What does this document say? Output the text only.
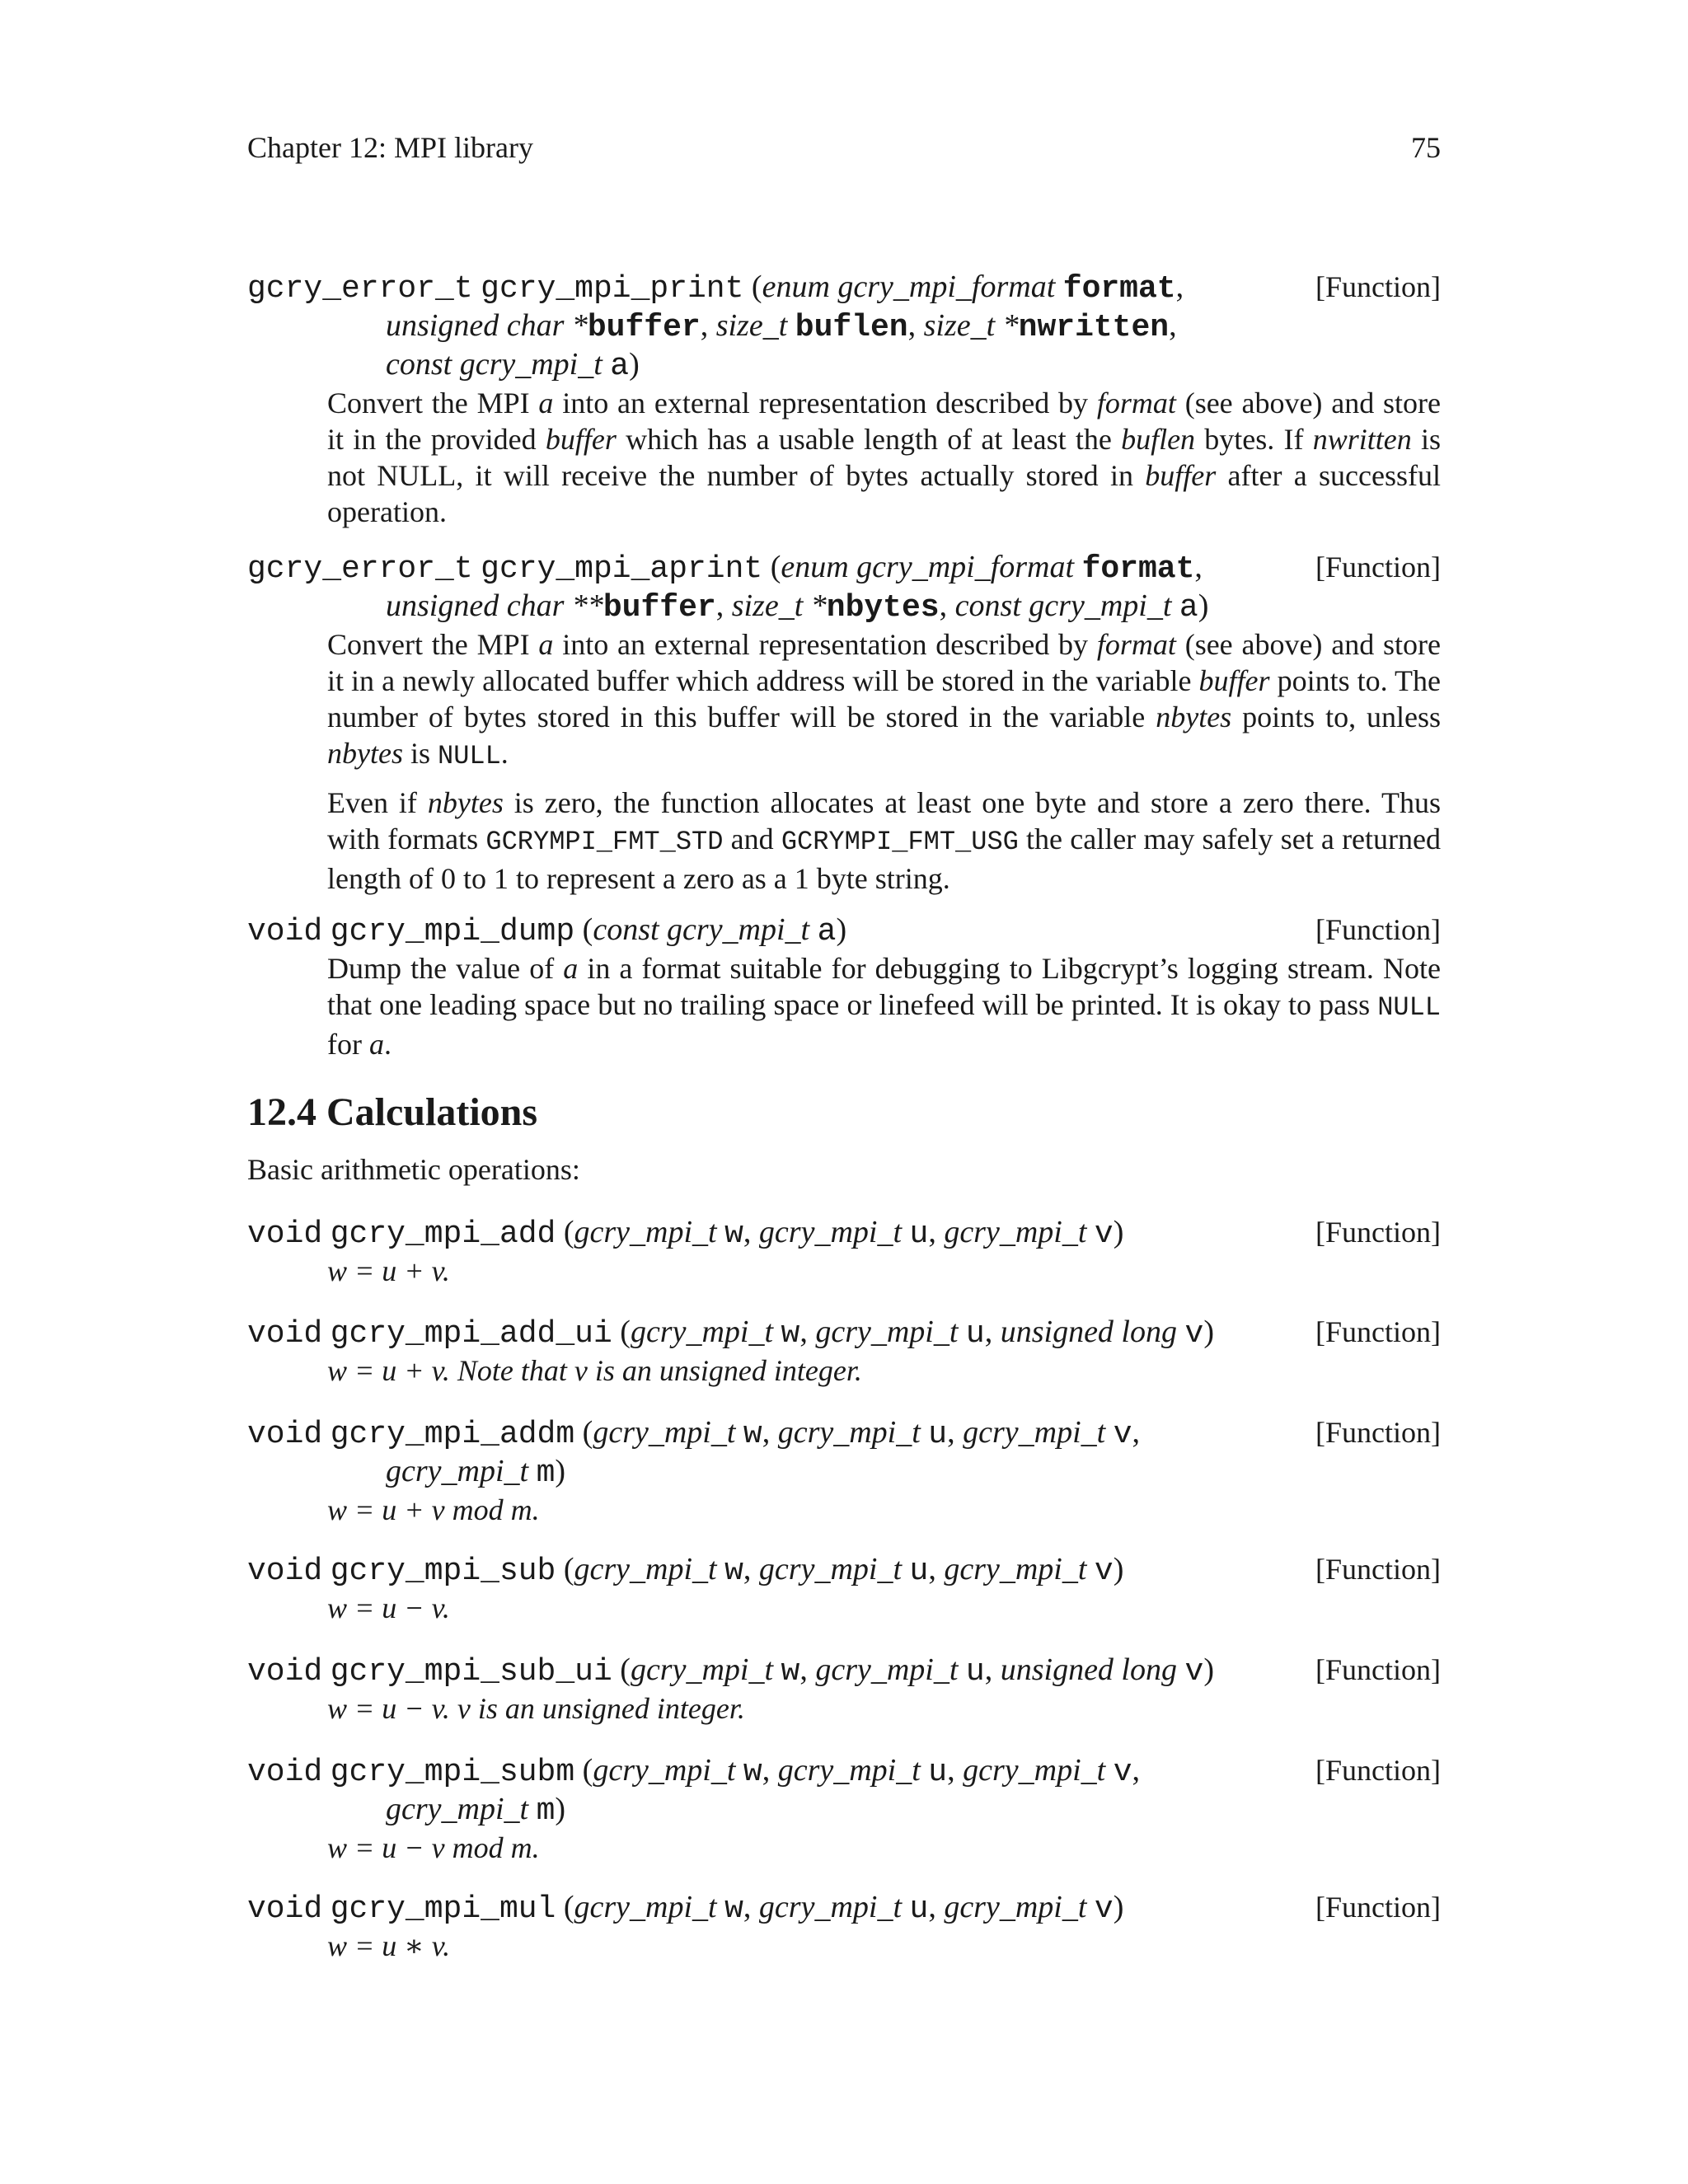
Chapter 12: MPI library	75
gcry_error_t gcry_mpi_print (enum gcry_mpi_format format,	[Function]
unsigned char *buffer, size_t buflen, size_t *nwritten,
const gcry_mpi_t a)

Convert the MPI a into an external representation described by format (see above) and store it in the provided buffer which has a usable length of at least the buflen bytes. If nwritten is not NULL, it will receive the number of bytes actually stored in buffer after a successful operation.

gcry_error_t gcry_mpi_aprint (enum gcry_mpi_format format,	[Function]
unsigned char **buffer, size_t *nbytes, const gcry_mpi_t a)

Convert the MPI a into an external representation described by format (see above) and store it in a newly allocated buffer which address will be stored in the variable buffer points to. The number of bytes stored in this buffer will be stored in the variable nbytes points to, unless nbytes is NULL.

Even if nbytes is zero, the function allocates at least one byte and store a zero there. Thus with formats GCRYMPI_FMT_STD and GCRYMPI_FMT_USG the caller may safely set a returned length of 0 to 1 to represent a zero as a 1 byte string.

void gcry_mpi_dump (const gcry_mpi_t a)	[Function]

Dump the value of a in a format suitable for debugging to Libgcrypt’s logging stream. Note that one leading space but no trailing space or linefeed will be printed. It is okay to pass NULL for a.

12.4 Calculations
Basic arithmetic operations:
void gcry_mpi_add (gcry_mpi_t w, gcry_mpi_t u, gcry_mpi_t v)	[Function]

w = u + v.

void gcry_mpi_add_ui (gcry_mpi_t w, gcry_mpi_t u, unsigned long v)	[Function]

w = u + v. Note that v is an unsigned integer.

void gcry_mpi_addm (gcry_mpi_t w, gcry_mpi_t u, gcry_mpi_t v,
gcry_mpi_t m)
[Function]

w = u + v mod m.

void gcry_mpi_sub (gcry_mpi_t w, gcry_mpi_t u, gcry_mpi_t v)	[Function]

w = u − v.

void gcry_mpi_sub_ui (gcry_mpi_t w, gcry_mpi_t u, unsigned long v)	[Function]

w = u − v. v is an unsigned integer.

void gcry_mpi_subm (gcry_mpi_t w, gcry_mpi_t u, gcry_mpi_t v,
gcry_mpi_t m)
[Function]

w = u − v mod m.

void gcry_mpi_mul (gcry_mpi_t w, gcry_mpi_t u, gcry_mpi_t v)	[Function]

w = u ∗ v.
